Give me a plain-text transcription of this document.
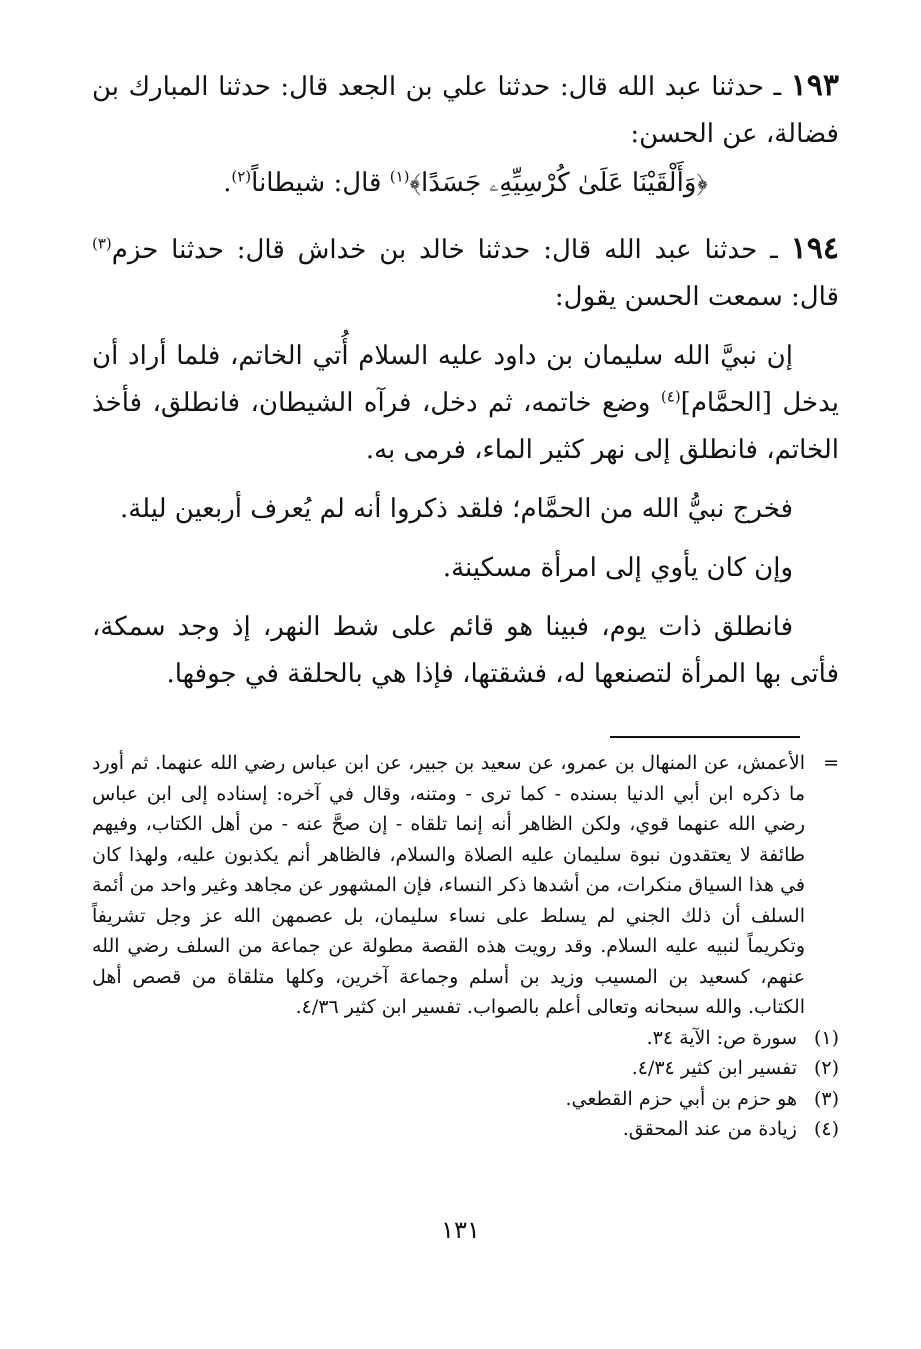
١٩٣ ـ حدثنا عبد الله قال: حدثنا علي بن الجعد قال: حدثنا المبارك بن فضالة، عن الحسن:

﴿وَأَلْقَيْنَا عَلَىٰ كُرْسِيِّهِۦ جَسَدًا﴾$^{(١)}$ قال: شيطاناً$^{(٢)}$.

١٩٤ ـ حدثنا عبد الله قال: حدثنا خالد بن خداش قال: حدثنا حزم$^{(٣)}$ قال: سمعت الحسن يقول:

إن نبيَّ الله سليمان بن داود عليه السلام أُتي الخاتم، فلما أراد أن يدخل [الحمَّام]$^{(٤)}$ وضع خاتمه، ثم دخل، فرآه الشيطان، فانطلق، فأخذ الخاتم، فانطلق إلى نهر كثير الماء، فرمى به.

فخرج نبيُّ الله من الحمَّام؛ فلقد ذكروا أنه لم يُعرف أربعين ليلة.

وإن كان يأوي إلى امرأة مسكينة.

فانطلق ذات يوم، فبينا هو قائم على شط النهر، إذ وجد سمكة، فأتى بها المرأة لتصنعها له، فشقتها، فإذا هي بالحلقة في جوفها.

=
الأعمش، عن المنهال بن عمرو، عن سعيد بن جبير، عن ابن عباس رضي الله عنهما. ثم أورد ما ذكره ابن أبي الدنيا بسنده - كما ترى - ومتنه، وقال في آخره: إسناده إلى ابن عباس رضي الله عنهما قوي، ولكن الظاهر أنه إنما تلقاه - إن صحَّ عنه - من أهل الكتاب، وفيهم طائفة لا يعتقدون نبوة سليمان عليه الصلاة والسلام، فالظاهر أنم يكذبون عليه، ولهذا كان في هذا السياق منكرات، من أشدها ذكر النساء، فإن المشهور عن مجاهد وغير واحد من أئمة السلف أن ذلك الجني لم يسلط على نساء سليمان، بل عصمهن الله عز وجل تشريفاً وتكريماً لنبيه عليه السلام. وقد رويت هذه القصة مطولة عن جماعة من السلف رضي الله عنهم، كسعيد بن المسيب وزيد بن أسلم وجماعة آخرين، وكلها متلقاة من قصص أهل الكتاب. والله سبحانه وتعالى أعلم بالصواب. تفسير ابن كثير ٤/٣٦.
(١)
سورة ص: الآية ٣٤.
(٢)
تفسير ابن كثير ٤/٣٤.
(٣)
هو حزم بن أبي حزم القطعي.
(٤)
زيادة من عند المحقق.
١٣١
